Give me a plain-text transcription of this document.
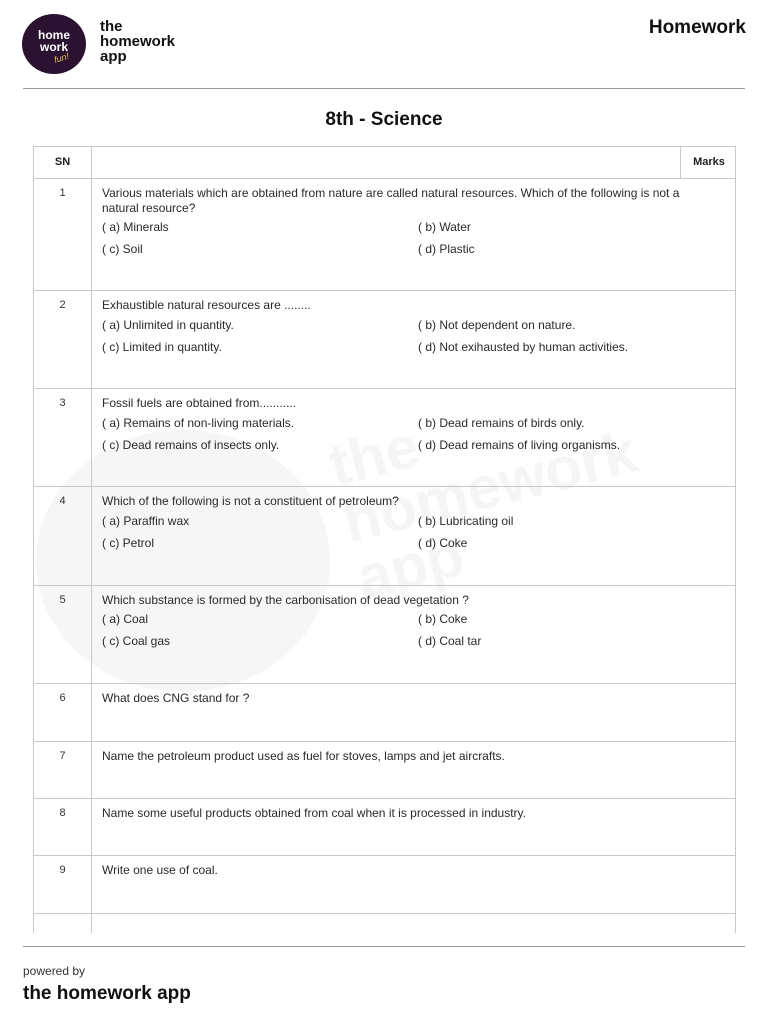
home
work
fun!
the
homework
app
Homework
8th - Science

SN	Marks
1	Various materials which are obtained from nature are called natural resources. Which of the following is not a natural resource?
( a) Minerals	( b) Water
( c) Soil	( d) Plastic
2	Exhaustible natural resources are ........
( a) Unlimited in quantity.	( b) Not dependent on nature.
( c) Limited in quantity.	( d) Not exihausted by human activities.
3	Fossil fuels are obtained from...........
( a) Remains of non-living materials.	( b) Dead remains of birds only.
( c) Dead remains of insects only.	( d) Dead remains of living organisms.
4	Which of the following is not a constituent of petroleum?
( a) Paraffin wax	( b) Lubricating oil
( c) Petrol	( d) Coke
5	Which substance is formed by the carbonisation of dead vegetation ?
( a) Coal	( b) Coke
( c) Coal gas	( d) Coal tar
6	What does CNG stand for ?
7	Name the petroleum product used as fuel for stoves, lamps and jet aircrafts.
8	Name some useful products obtained from coal when it is processed in industry.
9	Write one use of coal.
powered by
the homework app
